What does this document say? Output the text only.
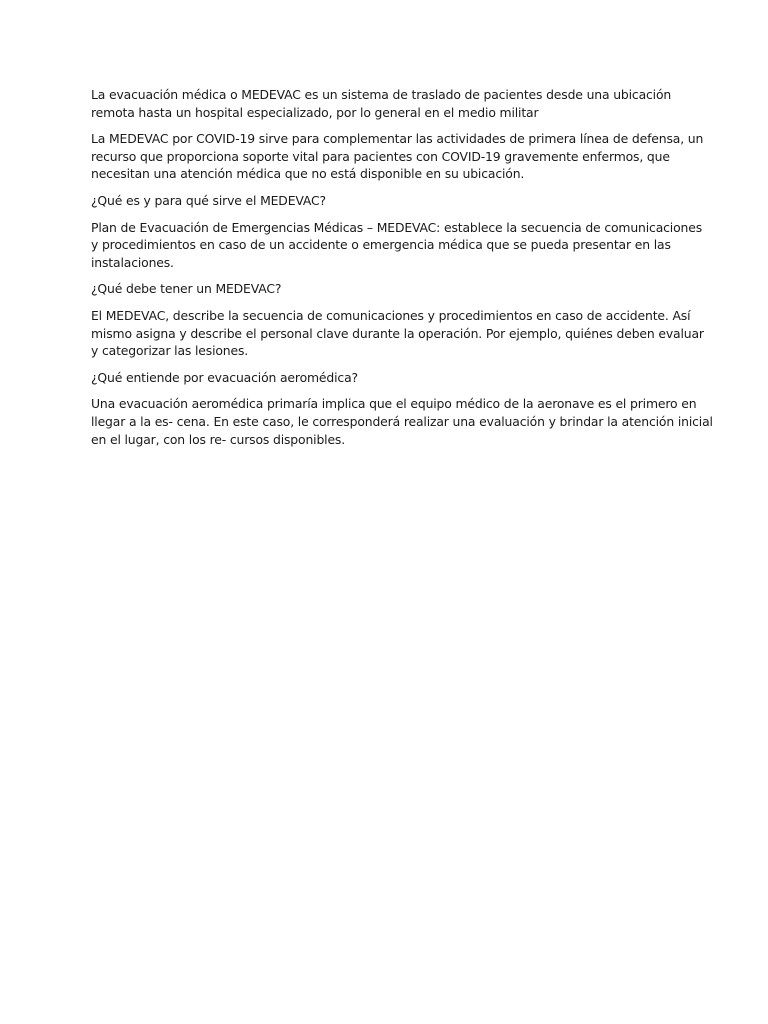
La evacuación médica o MEDEVAC es un sistema de traslado de pacientes desde una ubicación
remota hasta un hospital especializado, por lo general en el medio militar

La MEDEVAC por COVID-19 sirve para complementar las actividades de primera línea de defensa, un
recurso que proporciona soporte vital para pacientes con COVID-19 gravemente enfermos, que
necesitan una atención médica que no está disponible en su ubicación.

¿Qué es y para qué sirve el MEDEVAC?

Plan de Evacuación de Emergencias Médicas – MEDEVAC: establece la secuencia de comunicaciones
y procedimientos en caso de un accidente o emergencia médica que se pueda presentar en las
instalaciones.

¿Qué debe tener un MEDEVAC?

El MEDEVAC, describe la secuencia de comunicaciones y procedimientos en caso de accidente. Así
mismo asigna y describe el personal clave durante la operación. Por ejemplo, quiénes deben evaluar
y categorizar las lesiones.

¿Qué entiende por evacuación aeromédica?

Una evacuación aeromédica primaría implica que el equipo médico de la aeronave es el primero en
llegar a la es- cena. En este caso, le corresponderá realizar una evaluación y brindar la atención inicial
en el lugar, con los re- cursos disponibles.
